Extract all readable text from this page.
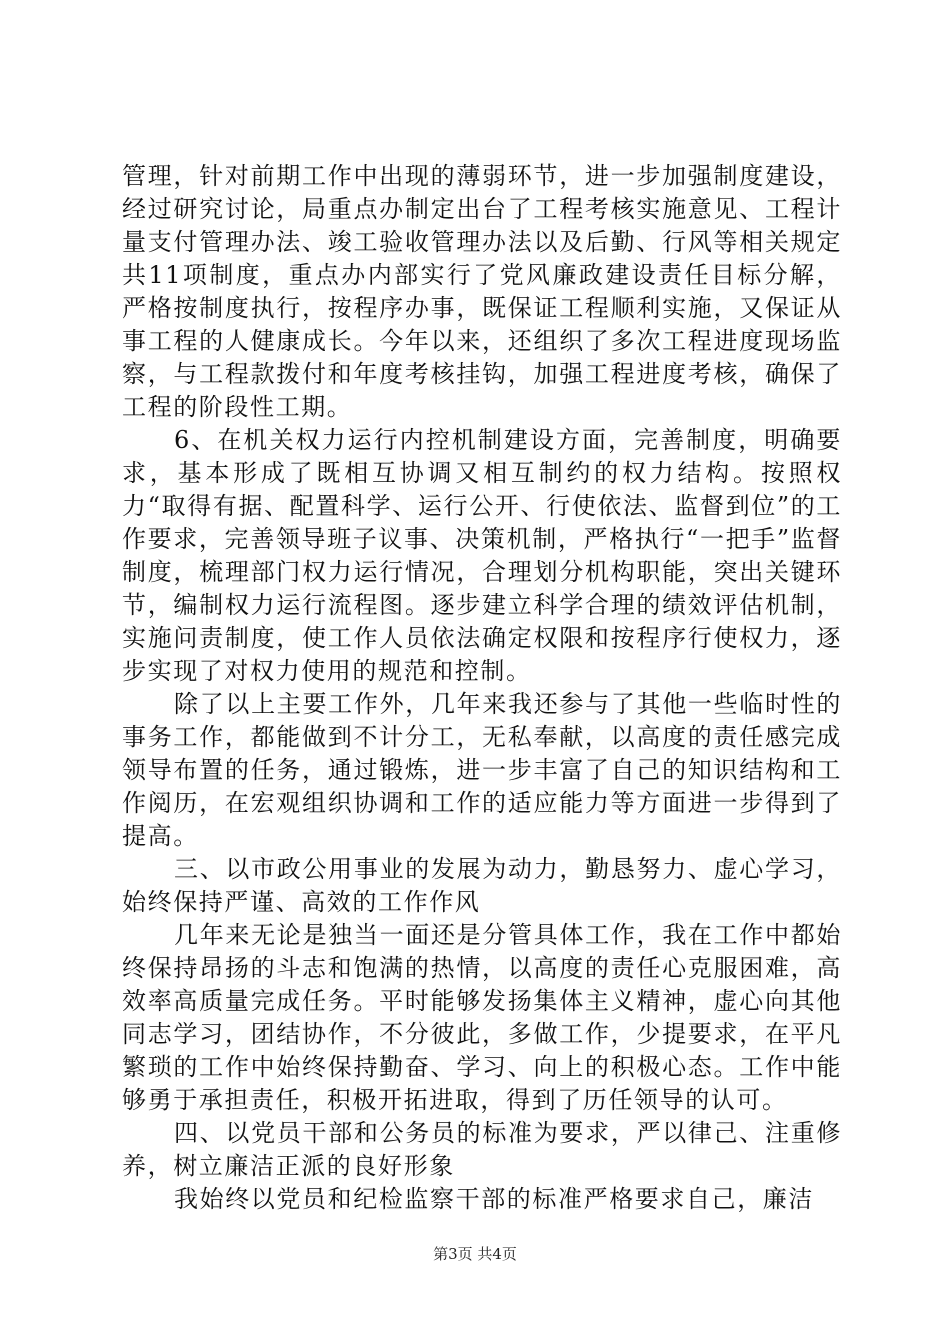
管理，针对前期工作中出现的薄弱环节，进一步加强制度建设，经过研究讨论，局重点办制定出台了工程考核实施意见、工程计量支付管理办法、竣工验收管理办法以及后勤、行风等相关规定共11项制度，重点办内部实行了党风廉政建设责任目标分解，严格按制度执行，按程序办事，既保证工程顺利实施，又保证从事工程的人健康成长。今年以来，还组织了多次工程进度现场监察，与工程款拨付和年度考核挂钩，加强工程进度考核，确保了工程的阶段性工期。

6、在机关权力运行内控机制建设方面，完善制度，明确要求，基本形成了既相互协调又相互制约的权力结构。按照权力“取得有据、配置科学、运行公开、行使依法、监督到位”的工作要求，完善领导班子议事、决策机制，严格执行“一把手”监督制度，梳理部门权力运行情况，合理划分机构职能，突出关键环节，编制权力运行流程图。逐步建立科学合理的绩效评估机制，实施问责制度，使工作人员依法确定权限和按程序行使权力，逐步实现了对权力使用的规范和控制。

除了以上主要工作外，几年来我还参与了其他一些临时性的事务工作，都能做到不计分工，无私奉献，以高度的责任感完成领导布置的任务，通过锻炼，进一步丰富了自己的知识结构和工作阅历，在宏观组织协调和工作的适应能力等方面进一步得到了提高。

三、以市政公用事业的发展为动力，勤恳努力、虚心学习，始终保持严谨、高效的工作作风

几年来无论是独当一面还是分管具体工作，我在工作中都始终保持昂扬的斗志和饱满的热情，以高度的责任心克服困难，高效率高质量完成任务。平时能够发扬集体主义精神，虚心向其他同志学习，团结协作，不分彼此，多做工作，少提要求，在平凡繁琐的工作中始终保持勤奋、学习、向上的积极心态。工作中能够勇于承担责任，积极开拓进取，得到了历任领导的认可。

四、以党员干部和公务员的标准为要求，严以律己、注重修养，树立廉洁正派的良好形象

我始终以党员和纪检监察干部的标准严格要求自己，廉洁

第3页 共4页
